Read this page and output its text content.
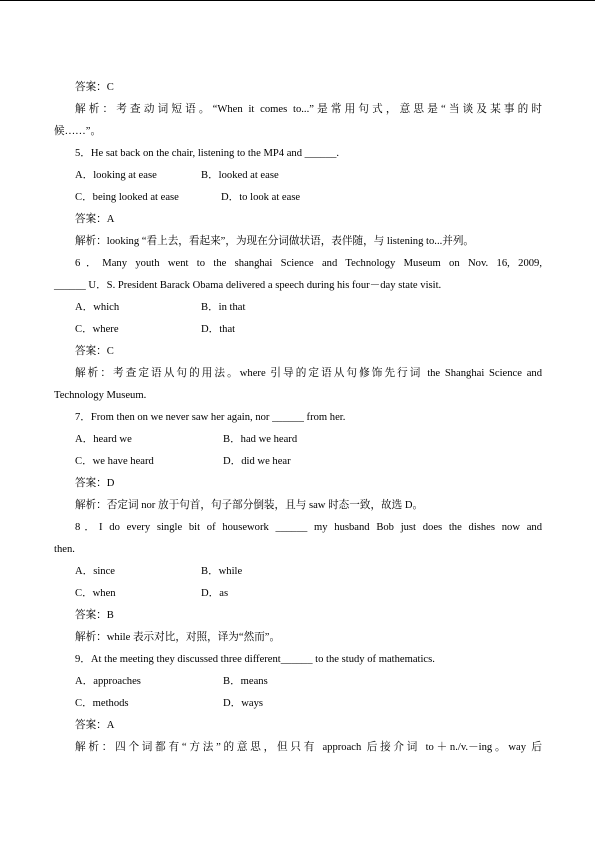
答案：C
解析：考查动词短语。“When it comes to...”是常用句式，意思是“当谈及某事的时
候……”。
5．He sat back on the chair, listening to the MP4 and ______.
A．looking at ease	B．looked at ease
C．being looked at ease	D．to look at ease
答案：A
解析：looking “看上去，看起来”，为现在分词做状语，表伴随，与 listening to...并列。
6．Many youth went to the shanghai Science and Technology Museum on Nov. 16, 2009,
______ U．S. President Barack Obama delivered a speech during his four－day state visit.
A．which	B．in that
C．where	D．that
答案：C
解析：考查定语从句的用法。where 引导的定语从句修饰先行词 the Shanghai Science and
Technology Museum.
7．From then on we never saw her again, nor ______ from her.
A．heard we	B．had we heard
C．we have heard	D．did we hear
答案：D
解析：否定词 nor 放于句首，句子部分倒装，且与 saw 时态一致，故选 D。
8．I do every single bit of housework ______ my husband Bob just does the dishes now and
then.
A．since	B．while
C．when	D．as
答案：B
解析：while 表示对比，对照，译为“然而”。
9．At the meeting they discussed three different______ to the study of mathematics.
A．approaches	B．means
C．methods	D．ways
答案：A
解析：四个词都有“方法”的意思，但只有 approach 后接介词 to＋n./v.－ing。way 后
